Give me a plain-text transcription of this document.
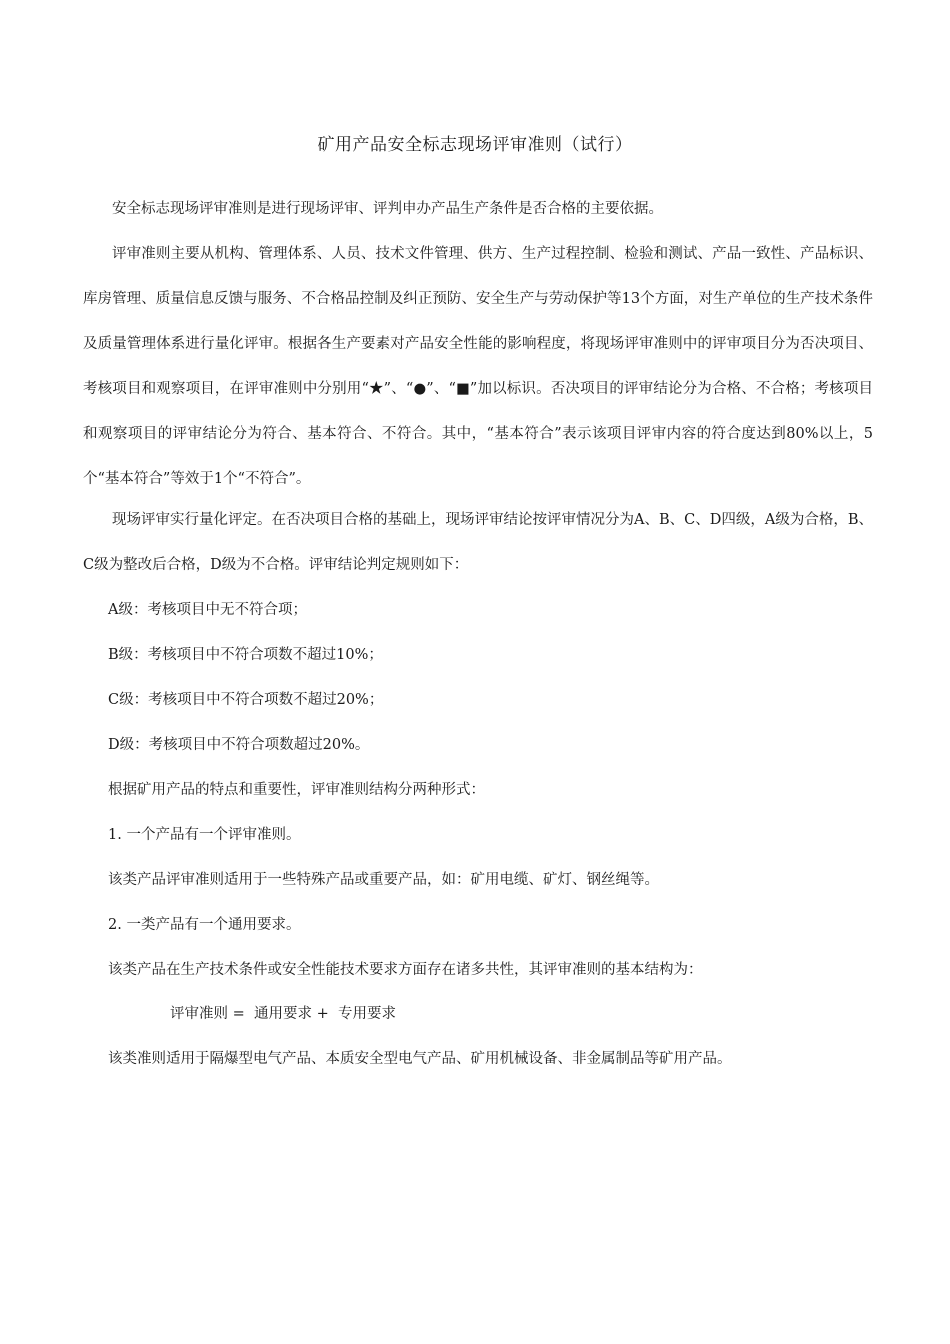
矿用产品安全标志现场评审准则（试行）

安全标志现场评审准则是进行现场评审、评判申办产品生产条件是否合格的主要依据。

评审准则主要从机构、管理体系、人员、技术文件管理、供方、生产过程控制、检验和测试、产品一致性、产品标识、库房管理、质量信息反馈与服务、不合格品控制及纠正预防、安全生产与劳动保护等13个方面，对生产单位的生产技术条件及质量管理体系进行量化评审。根据各生产要素对产品安全性能的影响程度，将现场评审准则中的评审项目分为否决项目、考核项目和观察项目，在评审准则中分别用“★”、“●”、“■”加以标识。否决项目的评审结论分为合格、不合格；考核项目和观察项目的评审结论分为符合、基本符合、不符合。其中，“基本符合”表示该项目评审内容的符合度达到80%以上，5个“基本符合”等效于1个“不符合”。

现场评审实行量化评定。在否决项目合格的基础上，现场评审结论按评审情况分为A、B、C、D四级，A级为合格，B、C级为整改后合格，D级为不合格。评审结论判定规则如下：

A级：考核项目中无不符合项；
B级：考核项目中不符合项数不超过10%；
C级：考核项目中不符合项数不超过20%；
D级：考核项目中不符合项数超过20%。
根据矿用产品的特点和重要性，评审准则结构分两种形式：
1. 一个产品有一个评审准则。
该类产品评审准则适用于一些特殊产品或重要产品，如：矿用电缆、矿灯、钢丝绳等。
2. 一类产品有一个通用要求。
该类产品在生产技术条件或安全性能技术要求方面存在诸多共性，其评审准则的基本结构为：
评审准则 =  通用要求 +  专用要求
该类准则适用于隔爆型电气产品、本质安全型电气产品、矿用机械设备、非金属制品等矿用产品。
